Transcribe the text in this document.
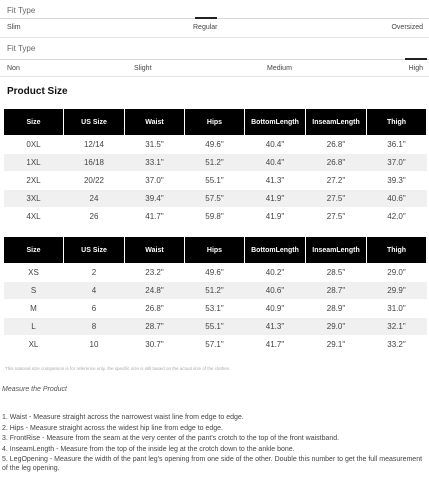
Fit Type
Slim	Regular	Oversized
Fit Type
Non	Slight	Medium	High
Product Size
Size	US Size	Waist	Hips	BottomLength	InseamLength	Thigh
0XL	12/14	31.5"	49.6"	40.4"	26.8"	36.1"
1XL	16/18	33.1"	51.2"	40.4"	26.8"	37.0"
2XL	20/22	37.0"	55.1"	41.3"	27.2"	39.3"
3XL	24	39.4"	57.5"	41.9"	27.5"	40.6"
4XL	26	41.7"	59.8"	41.9"	27.5"	42.0"
Size	US Size	Waist	Hips	BottomLength	InseamLength	Thigh
XS	2	23.2"	49.6"	40.2"	28.5"	29.0"
S	4	24.8"	51.2"	40.6"	28.7"	29.9"
M	6	26.8"	53.1"	40.9"	28.9"	31.0"
L	8	28.7"	55.1"	41.3"	29.0"	32.1"
XL	10	30.7"	57.1"	41.7"	29.1"	33.2"
This national size comparison is for reference only, the specific size is still based on the actual size of the clothes.
Measure the Product
1. Waist - Measure straight across the narrowest waist line from edge to edge.
2. Hips - Measure straight across the widest hip line from edge to edge.
3. FrontRise - Measure from the seam at the very center of the pant's crotch to the top of the front waistband.
4. InseamLength - Measure from the top of the inside leg at the crotch down to the ankle bone.
5. LegOpening - Measure the width of the pant leg's opening from one side of the other. Double this number to get the full measurement of the leg opening.
